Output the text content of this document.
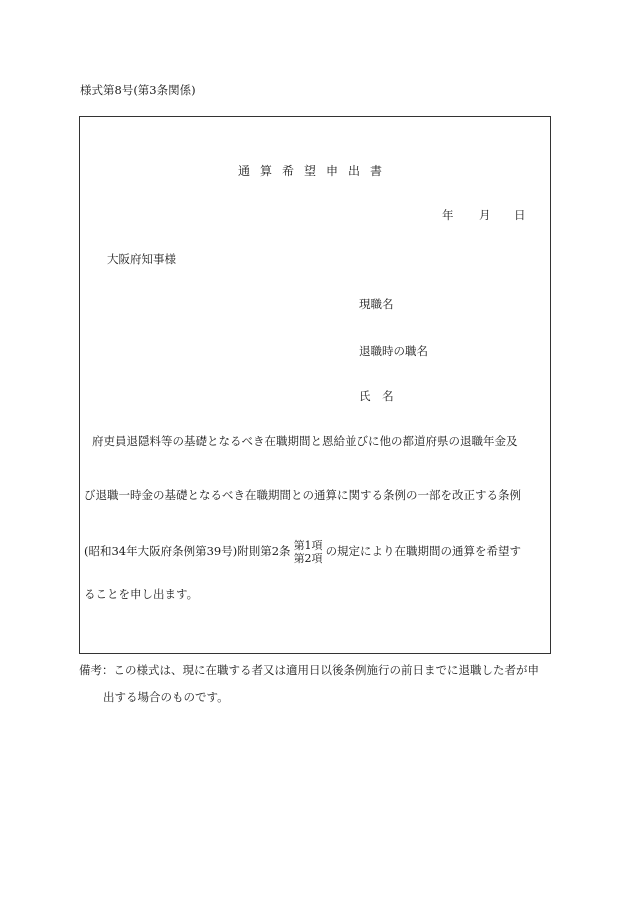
様式第8号(第3条関係)
通算希望申出書
年 月 日
大阪府知事様
現職名
退職時の職名
氏 名
府吏員退隠料等の基礎となるべき在職期間と恩給並びに他の都道府県の退職年金及
び退職一時金の基礎となるべき在職期間との通算に関する条例の一部を改正する条例
(昭和34年大阪府条例第39号)附則第2条 第1項
第2項
の規定により在職期間の通算を希望す
ることを申し出ます。
備考：この様式は、現に在職する者又は適用日以後条例施行の前日までに退職した者が申
出する場合のものです。
